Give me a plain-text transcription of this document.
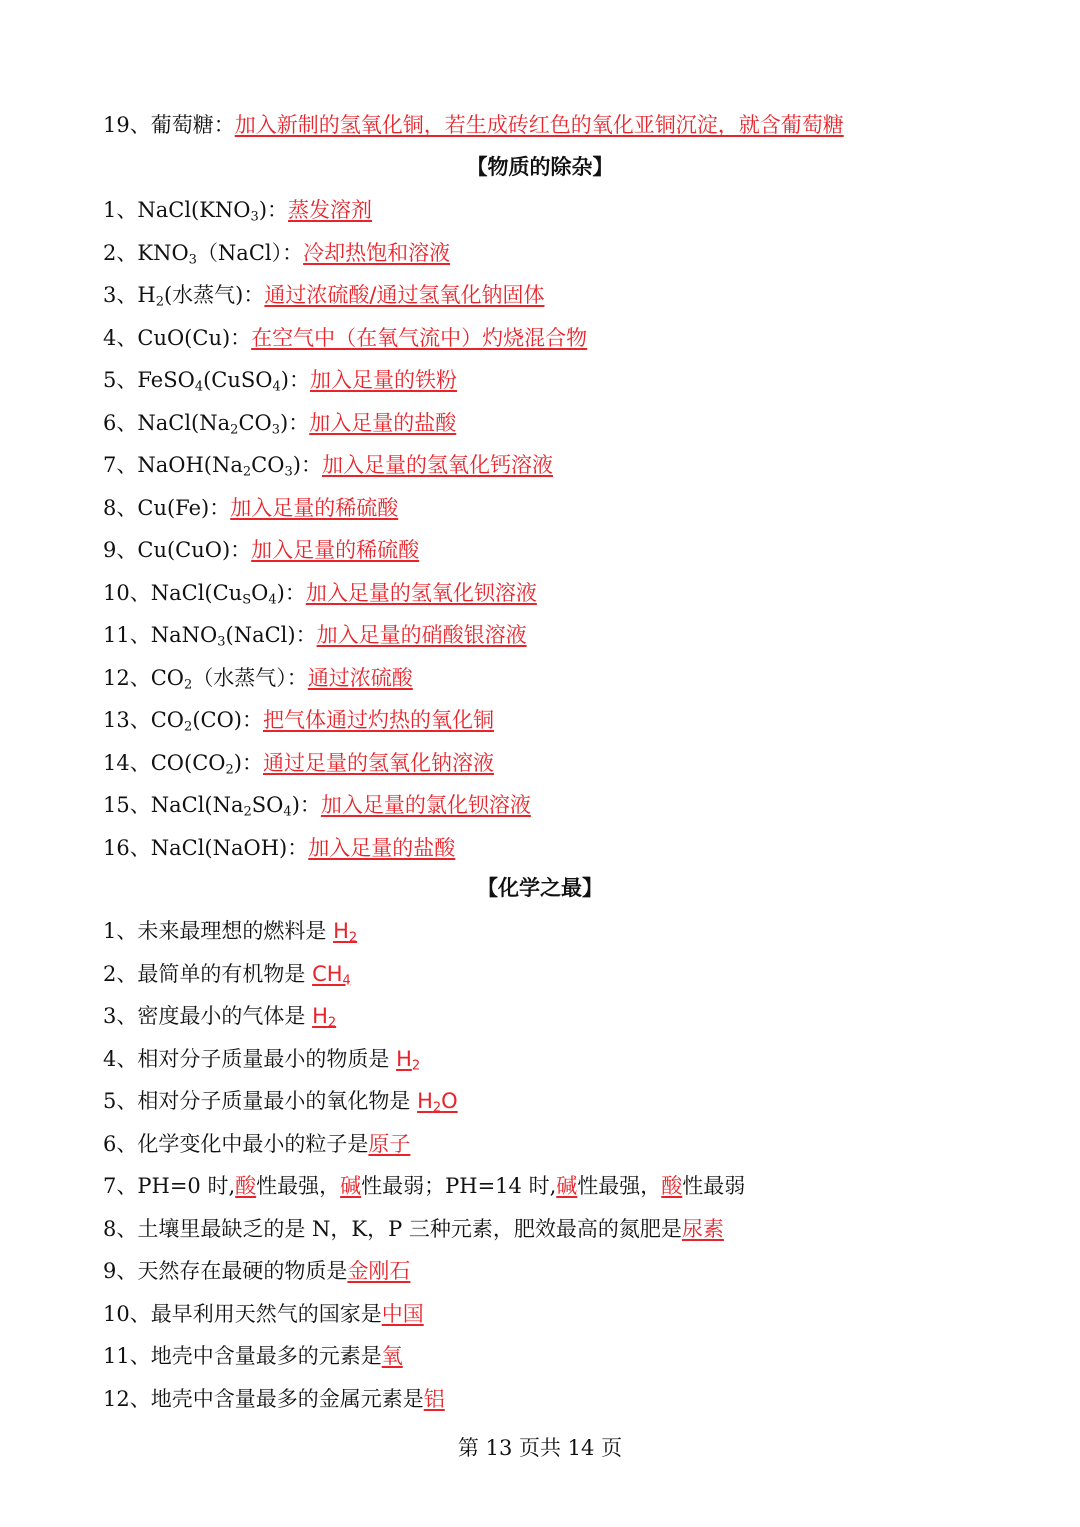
19、葡萄糖：加入新制的氢氧化铜，若生成砖红色的氧化亚铜沉淀，就含葡萄糖
【物质的除杂】
1、$NaCl(KNO_3)$：蒸发溶剂
2、$KNO_3(NaCl)$：冷却热饱和溶液
3、$H_2$(水蒸气)：通过浓硫酸/通过氢氧化钠固体
4、CuO(Cu)：在空气中（在氧气流中）灼烧混合物
5、FeSO$_4$(CuSO$_4$)：加入足量的铁粉
6、$NaCl(Na_2CO_3)$：加入足量的盐酸
7、$NaOH(Na_2CO_3)$：加入足量的氢氧化钙溶液
8、Cu(Fe)：加入足量的稀硫酸
9、Cu(CuO)：加入足量的稀硫酸
10、$NaCl(Cu_SO_4)$：加入足量的氢氧化钡溶液
11、NaNO$_3$(NaCl)：加入足量的硝酸银溶液
12、$CO_2$（水蒸气）：通过浓硫酸
13、$CO_2(CO)$：把气体通过灼热的氧化铜
14、$CO(CO_2)$：通过足量的氢氧化钠溶液
15、$NaCl(Na_2SO_4)$：加入足量的氯化钡溶液
16、NaCl(NaOH)：加入足量的盐酸
【化学之最】
1、未来最理想的燃料是 $H_2$
2、最简单的有机物是 $CH_4$
3、密度最小的气体是 $H_2$
4、相对分子质量最小的物质是 $H_2$
5、相对分子质量最小的氧化物是 $H_2O$
6、化学变化中最小的粒子是原子
7、PH=0 时,酸性最强，碱性最弱；PH=14 时,碱性最强，酸性最弱
8、土壤里最缺乏的是 N，K，P 三种元素，肥效最高的氮肥是尿素
9、天然存在最硬的物质是金刚石
10、最早利用天然气的国家是中国
11、地壳中含量最多的元素是氧
12、地壳中含量最多的金属元素是铝
第 13 页共 14 页
